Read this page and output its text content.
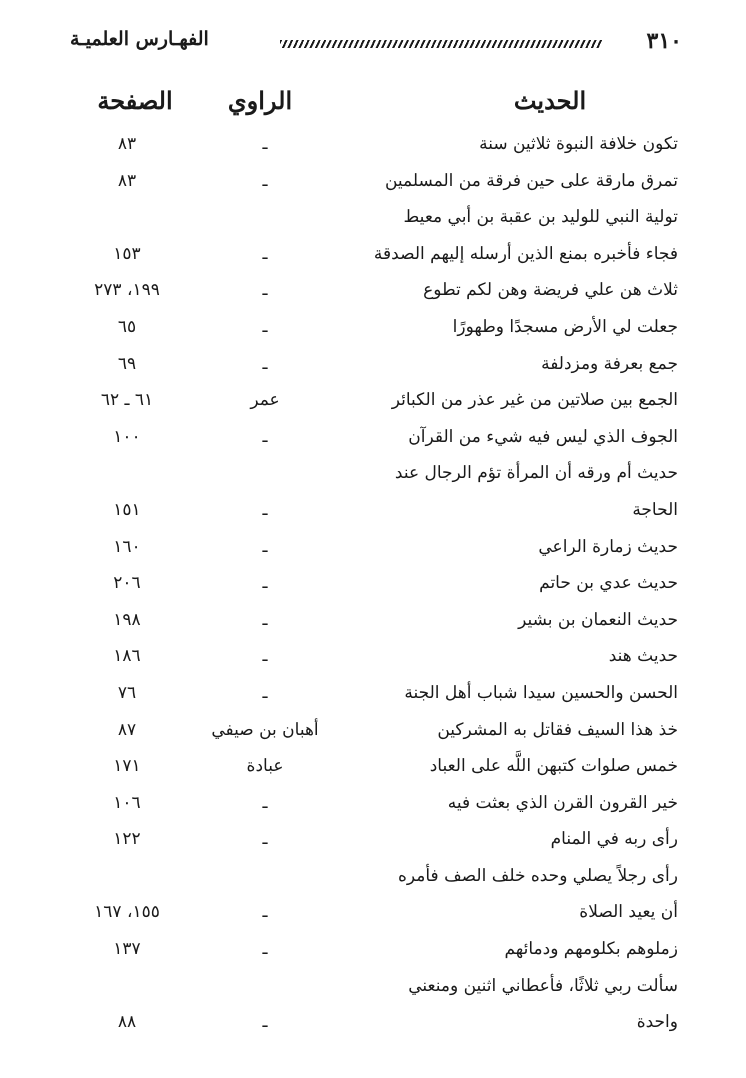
الفهـارس العلميـة	٣١٠
الحديث
الراوي
الصفحة
تكون خلافة النبوة ثلاثين سنة
ـ
٨٣
تمرق مارقة على حين فرقة من المسلمين
ـ
٨٣
تولية النبي للوليد بن عقبة بن أبي معيط
فجاء فأخبره بمنع الذين أرسله إليهم الصدقة
ـ
١٥٣
ثلاث هن علي فريضة وهن لكم تطوع
ـ
١٩٩، ٢٧٣
جعلت لي الأرض مسجدًا وطهورًا
ـ
٦٥
جمع بعرفة ومزدلفة
ـ
٦٩
الجمع بين صلاتين من غير عذر من الكبائر
عمر
٦١ ـ ٦٢
الجوف الذي ليس فيه شيء من القرآن
ـ
١٠٠
حديث أم ورقه أن المرأة تؤم الرجال عند
الحاجة
ـ
١٥١
حديث زمارة الراعي
ـ
١٦٠
حديث عدي بن حاتم
ـ
٢٠٦
حديث النعمان بن بشير
ـ
١٩٨
حديث هند
ـ
١٨٦
الحسن والحسين سيدا شباب أهل الجنة
ـ
٧٦
خذ هذا السيف فقاتل به المشركين
أهبان بن صيفي
٨٧
خمس صلوات كتبهن اللَّه على العباد
عبادة
١٧١
خير القرون القرن الذي بعثت فيه
ـ
١٠٦
رأى ربه في المنام
ـ
١٢٢
رأى رجلاً يصلي وحده خلف الصف فأمره
أن يعيد الصلاة
ـ
١٥٥، ١٦٧
زملوهم بكلومهم ودمائهم
ـ
١٣٧
سألت ربي ثلاثًا، فأعطاني اثنين ومنعني
واحدة
ـ
٨٨
